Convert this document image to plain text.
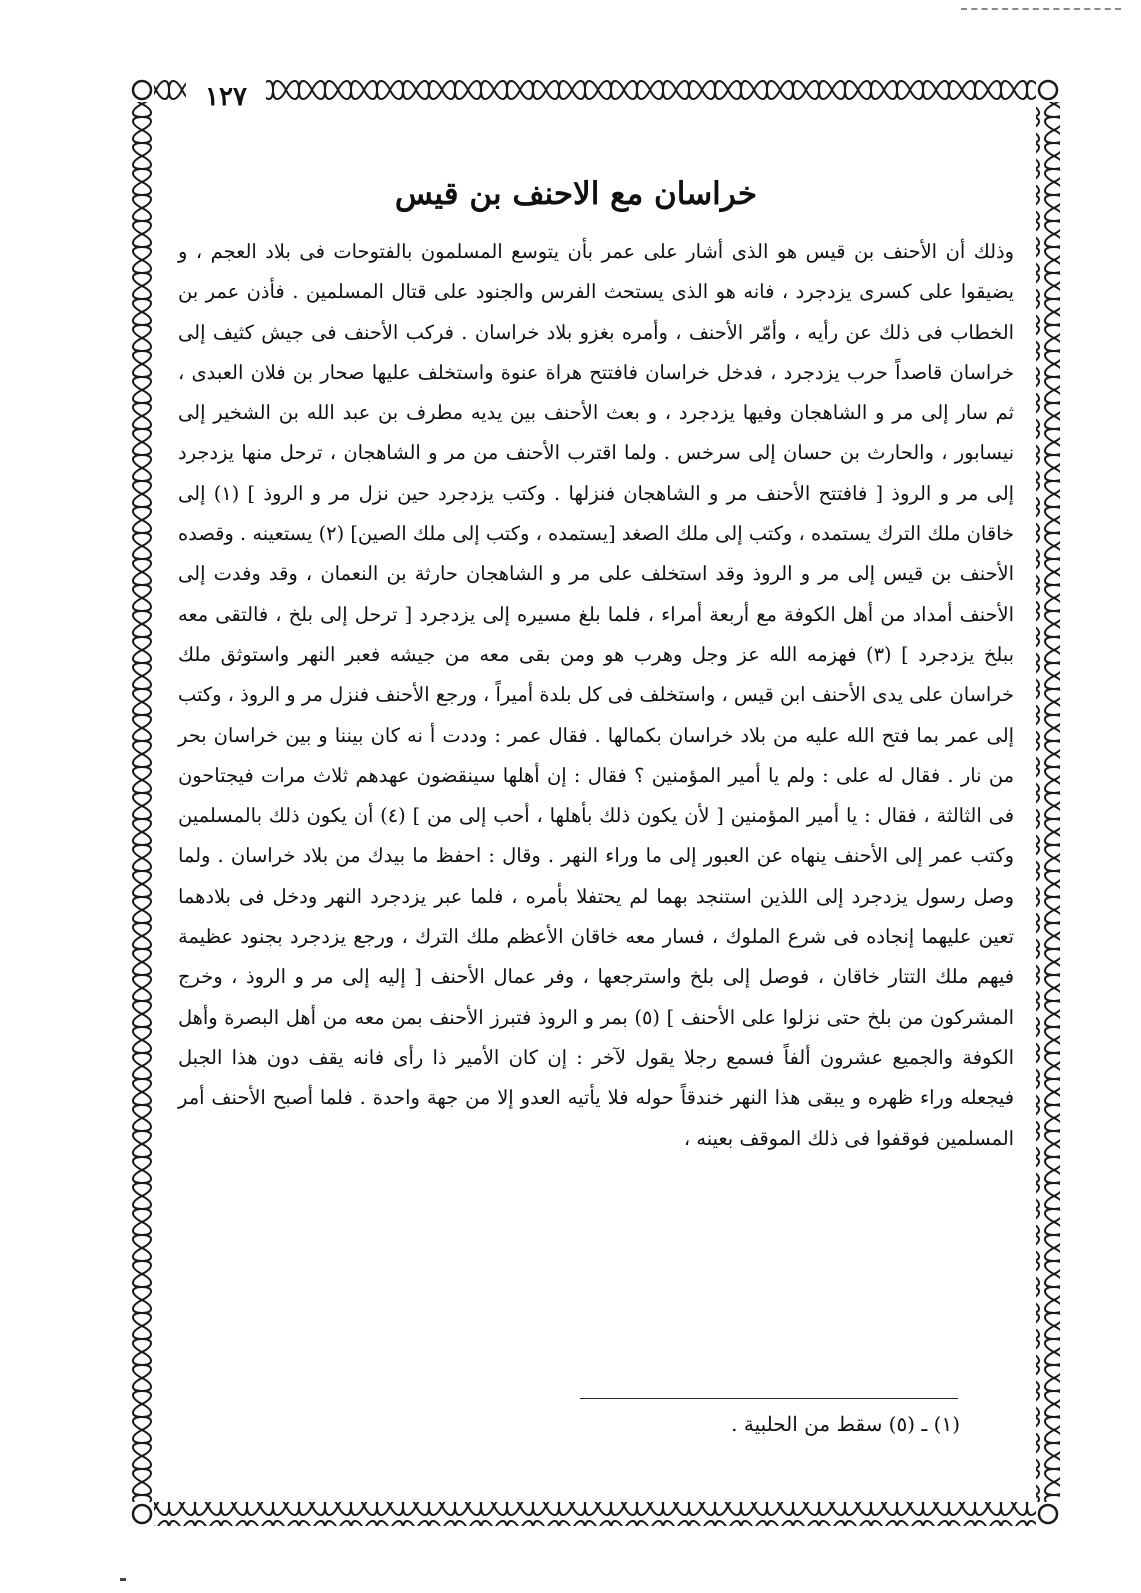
١٢٧
خراسان مع الاحنف بن قيس

وذلك أن الأحنف بن قيس هو الذى أشار على عمر بأن يتوسع المسلمون بالفتوحات فى بلاد العجم ، و يضيقوا على كسرى يزدجرد ، فانه هو الذى يستحث الفرس والجنود على قتال المسلمين . فأذن عمر بن الخطاب فى ذلك عن رأيه ، وأمّر الأحنف ، وأمره بغزو بلاد خراسان . فركب الأحنف فى جيش كثيف إلى خراسان قاصداً حرب يزدجرد ، فدخل خراسان فافتتح هراة عنوة واستخلف عليها صحار بن فلان العبدى ، ثم سار إلى مر و الشاهجان وفيها يزدجرد ، و بعث الأحنف بين يديه مطرف بن عبد الله بن الشخير إلى نيسابور ، والحارث بن حسان إلى سرخس . ولما اقترب الأحنف من مر و الشاهجان ، ترحل منها يزدجرد إلى مر و الروذ [ فافتتح الأحنف مر و الشاهجان فنزلها . وكتب يزدجرد حين نزل مر و الروذ ] (١) إلى خاقان ملك الترك يستمده ، وكتب إلى ملك الصغد [يستمده ، وكتب إلى ملك الصين] (٢) يستعينه . وقصده الأحنف بن قيس إلى مر و الروذ وقد استخلف على مر و الشاهجان حارثة بن النعمان ، وقد وفدت إلى الأحنف أمداد من أهل الكوفة مع أربعة أمراء ، فلما بلغ مسيره إلى يزدجرد [ ترحل إلى بلخ ، فالتقى معه ببلخ يزدجرد ] (٣) فهزمه الله عز وجل وهرب هو ومن بقى معه من جيشه فعبر النهر واستوثق ملك خراسان على يدى الأحنف ابن قيس ، واستخلف فى كل بلدة أميراً ، ورجع الأحنف فنزل مر و الروذ ، وكتب إلى عمر بما فتح الله عليه من بلاد خراسان بكمالها . فقال عمر : وددت أ نه كان بيننا و بين خراسان بحر من نار . فقال له على : ولم يا أمير المؤمنين ؟ فقال : إن أهلها سينقضون عهدهم ثلاث مرات فيجتاحون فى الثالثة ، فقال : يا أمير المؤمنين [ لأن يكون ذلك بأهلها ، أحب إلى من ] (٤) أن يكون ذلك بالمسلمين وكتب عمر إلى الأحنف ينهاه عن العبور إلى ما وراء النهر . وقال : احفظ ما بيدك من بلاد خراسان . ولما وصل رسول يزدجرد إلى اللذين استنجد بهما لم يحتفلا بأمره ، فلما عبر يزدجرد النهر ودخل فى بلادهما تعين عليهما إنجاده فى شرع الملوك ، فسار معه خاقان الأعظم ملك الترك ، ورجع يزدجرد بجنود عظيمة فيهم ملك التتار خاقان ، فوصل إلى بلخ واسترجعها ، وفر عمال الأحنف [ إليه إلى مر و الروذ ، وخرج المشركون من بلخ حتى نزلوا على الأحنف ] (٥) بمر و الروذ فتبرز الأحنف بمن معه من أهل البصرة وأهل الكوفة والجميع عشرون ألفاً فسمع رجلا يقول لآخر : إن كان الأمير ذا رأى فانه يقف دون هذا الجبل فيجعله وراء ظهره و يبقى هذا النهر خندقاً حوله فلا يأتيه العدو إلا من جهة واحدة . فلما أصبح الأحنف أمر المسلمين فوقفوا فى ذلك الموقف بعينه ،

(١) ـ (٥) سقط من الحلبية .
